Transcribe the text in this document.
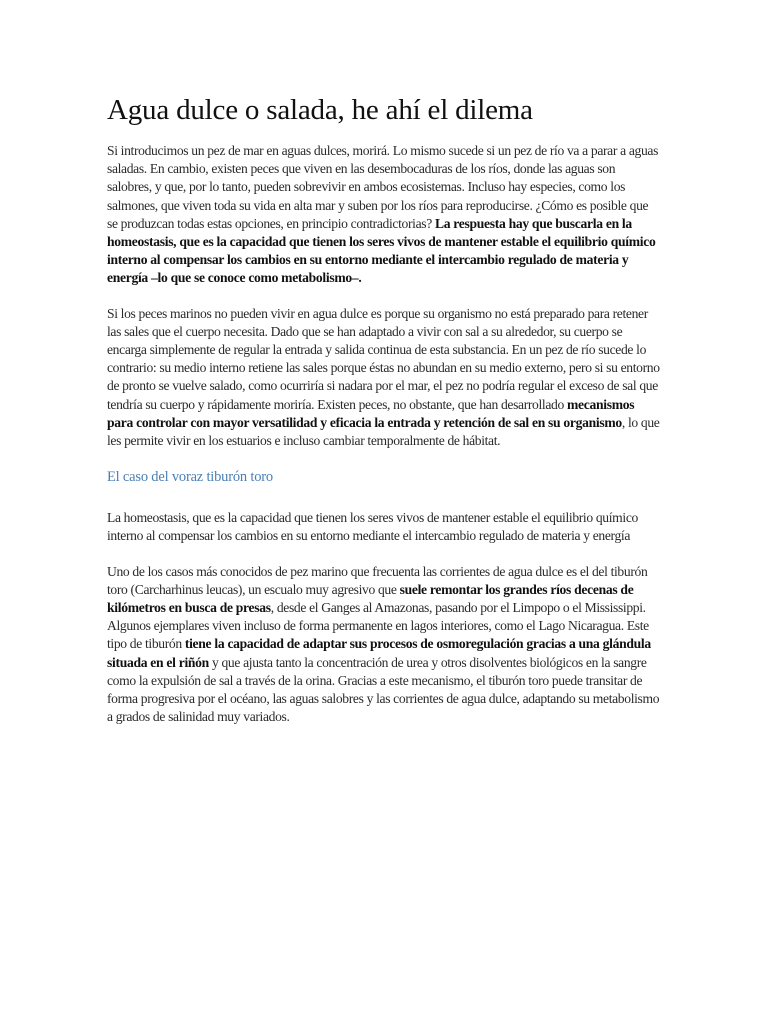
Agua dulce o salada, he ahí el dilema

Si introducimos un pez de mar en aguas dulces, morirá. Lo mismo sucede si un pez de río va a parar a aguas saladas. En cambio, existen peces que viven en las desembocaduras de los ríos, donde las aguas son salobres, y que, por lo tanto, pueden sobrevivir en ambos ecosistemas. Incluso hay especies, como los salmones, que viven toda su vida en alta mar y suben por los ríos para reproducirse. ¿Cómo es posible que se produzcan todas estas opciones, en principio contradictorias? La respuesta hay que buscarla en la homeostasis, que es la capacidad que tienen los seres vivos de mantener estable el equilibrio químico interno al compensar los cambios en su entorno mediante el intercambio regulado de materia y energía –lo que se conoce como metabolismo–.

Si los peces marinos no pueden vivir en agua dulce es porque su organismo no está preparado para retener las sales que el cuerpo necesita. Dado que se han adaptado a vivir con sal a su alrededor, su cuerpo se encarga simplemente de regular la entrada y salida continua de esta substancia. En un pez de río sucede lo contrario: su medio interno retiene las sales porque éstas no abundan en su medio externo, pero si su entorno de pronto se vuelve salado, como ocurriría si nadara por el mar, el pez no podría regular el exceso de sal que tendría su cuerpo y rápidamente moriría. Existen peces, no obstante, que han desarrollado mecanismos para controlar con mayor versatilidad y eficacia la entrada y retención de sal en su organismo, lo que les permite vivir en los estuarios e incluso cambiar temporalmente de hábitat.

El caso del voraz tiburón toro

La homeostasis, que es la capacidad que tienen los seres vivos de mantener estable el equilibrio químico interno al compensar los cambios en su entorno mediante el intercambio regulado de materia y energía

Uno de los casos más conocidos de pez marino que frecuenta las corrientes de agua dulce es el del tiburón toro (Carcharhinus leucas), un escualo muy agresivo que suele remontar los grandes ríos decenas de kilómetros en busca de presas, desde el Ganges al Amazonas, pasando por el Limpopo o el Mississippi. Algunos ejemplares viven incluso de forma permanente en lagos interiores, como el Lago Nicaragua. Este tipo de tiburón tiene la capacidad de adaptar sus procesos de osmoregulación gracias a una glándula situada en el riñón y que ajusta tanto la concentración de urea y otros disolventes biológicos en la sangre como la expulsión de sal a través de la orina. Gracias a este mecanismo, el tiburón toro puede transitar de forma progresiva por el océano, las aguas salobres y las corrientes de agua dulce, adaptando su metabolismo a grados de salinidad muy variados.
